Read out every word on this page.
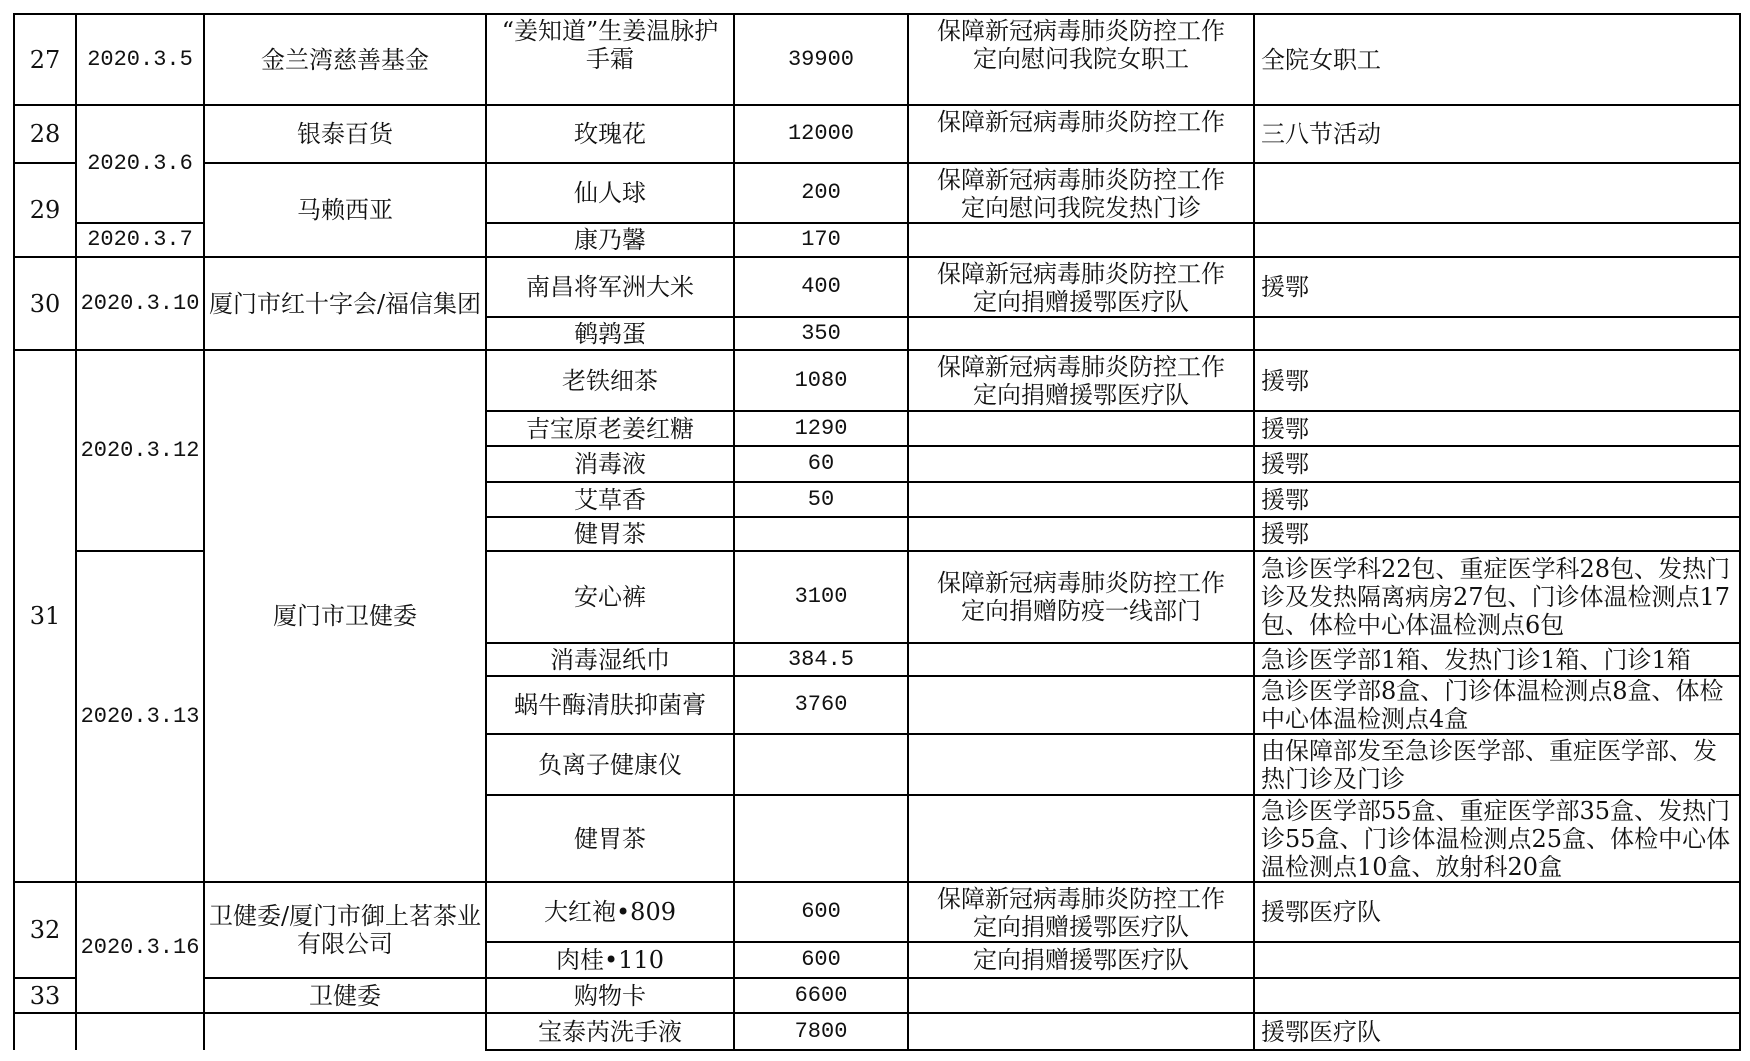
27	2020.3.5	金兰湾慈善基金	“姜知道”生姜温脉护
手霜	39900	保障新冠病毒肺炎防控工作
定向慰问我院女职工	全院女职工
28	2020.3.6	银泰百货	玫瑰花	12000	保障新冠病毒肺炎防控工作	三八节活动
29		马赖西亚	仙人球	200	保障新冠病毒肺炎防控工作
定向慰问我院发热门诊	
	2020.3.7		康乃馨	170		
30	2020.3.10	厦门市红十字会/福信集团	南昌将军洲大米	400	保障新冠病毒肺炎防控工作
定向捐赠援鄂医疗队	援鄂
			鹌鹑蛋	350		
31	2020.3.12	厦门市卫健委	老铁细茶	1080	保障新冠病毒肺炎防控工作
定向捐赠援鄂医疗队	援鄂
			吉宝原老姜红糖	1290		援鄂
			消毒液	60		援鄂
			艾草香	50		援鄂
			健胃茶			援鄂
	2020.3.13		安心裤	3100	保障新冠病毒肺炎防控工作
定向捐赠防疫一线部门	急诊医学科22包、重症医学科28包、发热门
诊及发热隔离病房27包、门诊体温检测点17
包、体检中心体温检测点6包
			消毒湿纸巾	384.5		急诊医学部1箱、发热门诊1箱、门诊1箱
			蜗牛酶清肤抑菌膏	3760		急诊医学部8盒、门诊体温检测点8盒、体检
中心体温检测点4盒
			负离子健康仪			由保障部发至急诊医学部、重症医学部、发
热门诊及门诊
			健胃茶			急诊医学部55盒、重症医学部35盒、发热门
诊55盒、门诊体温检测点25盒、体检中心体
温检测点10盒、放射科20盒
32	2020.3.16	卫健委/厦门市御上茗茶业
有限公司	大红袍•809	600	保障新冠病毒肺炎防控工作
定向捐赠援鄂医疗队	援鄂医疗队
			肉桂•110	600	定向捐赠援鄂医疗队	
33		卫健委	购物卡	6600		
			宝泰芮洗手液	7800		援鄂医疗队
